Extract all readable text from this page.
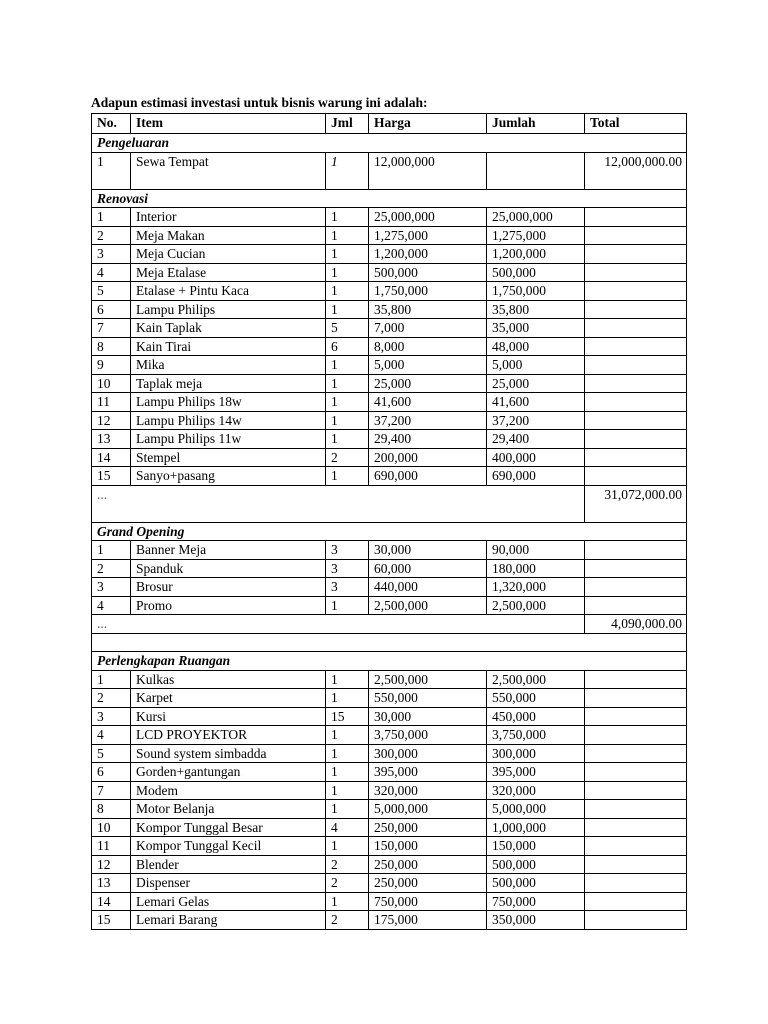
Adapun estimasi investasi untuk bisnis warung ini adalah:
No.	Item	Jml	Harga	Jumlah	Total
Pengeluaran					
1	Sewa Tempat	1	12,000,000		12,000,000.00
Renovasi					
1	Interior	1	25,000,000	25,000,000	
2	Meja Makan	1	1,275,000	1,275,000	
3	Meja Cucian	1	1,200,000	1,200,000	
4	Meja Etalase	1	500,000	500,000	
5	Etalase + Pintu Kaca	1	1,750,000	1,750,000	
6	Lampu Philips	1	35,800	35,800	
7	Kain Taplak	5	7,000	35,000	
8	Kain Tirai	6	8,000	48,000	
9	Mika	1	5,000	5,000	
10	Taplak meja	1	25,000	25,000	
11	Lampu Philips 18w	1	41,600	41,600	
12	Lampu Philips 14w	1	37,200	37,200	
13	Lampu Philips 11w	1	29,400	29,400	
14	Stempel	2	200,000	400,000	
15	Sanyo+pasang	1	690,000	690,000	
...					31,072,000.00
Grand Opening					
1	Banner Meja	3	30,000	90,000	
2	Spanduk	3	60,000	180,000	
3	Brosur	3	440,000	1,320,000	
4	Promo	1	2,500,000	2,500,000	
...					4,090,000.00

Perlengkapan Ruangan					
1	Kulkas	1	2,500,000	2,500,000	
2	Karpet	1	550,000	550,000	
3	Kursi	15	30,000	450,000	
4	LCD PROYEKTOR	1	3,750,000	3,750,000	
5	Sound system simbadda	1	300,000	300,000	
6	Gorden+gantungan	1	395,000	395,000	
7	Modem	1	320,000	320,000	
8	Motor Belanja	1	5,000,000	5,000,000	
10	Kompor Tunggal Besar	4	250,000	1,000,000	
11	Kompor Tunggal Kecil	1	150,000	150,000	
12	Blender	2	250,000	500,000	
13	Dispenser	2	250,000	500,000	
14	Lemari Gelas	1	750,000	750,000	
15	Lemari Barang	2	175,000	350,000	
